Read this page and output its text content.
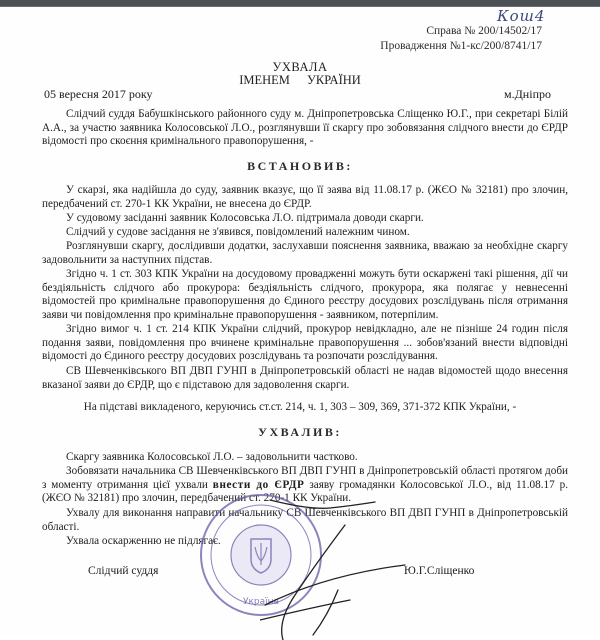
Кош4
Справа № 200/14502/17
Провадження №1-кс/200/8741/17
УХВАЛА
ІМЕНЕМ УКРАЇНИ
05 вересня 2017 року	м.Дніпро
Слідчий суддя Бабушкінського районного суду м. Дніпропетровська Сліщенко Ю.Г., при секретарі Білій А.А., за участю заявника Колосовської Л.О., розглянувши її скаргу про зобовязання слідчого внести до ЄРДР відомості про скоєння кримінального правопорушення, -
ВСТАНОВИВ:
У скарзі, яка надійшла до суду, заявник вказує, що її заява від 11.08.17 р. (ЖЄО № 32181) про злочин, передбачений ст. 270-1 КК України, не внесена до ЄРДР.
У судовому засіданні заявник Колосовська Л.О. підтримала доводи скарги.
Слідчий у судове засідання не з'явився, повідомлений належним чином.
Розглянувши скаргу, дослідивши додатки, заслухавши пояснення заявника, вважаю за необхідне скаргу задовольнити за наступних підстав.
Згідно ч. 1 ст. 303 КПК України на досудовому провадженні можуть бути оскаржені такі рішення, дії чи бездіяльність слідчого або прокурора: бездіяльність слідчого, прокурора, яка полягає у невнесенні відомостей про кримінальне правопорушення до Єдиного реєстру досудових розслідувань після отримання заяви чи повідомлення про кримінальне правопорушення - заявником, потерпілим.
Згідно вимог ч. 1 ст. 214 КПК України слідчий, прокурор невідкладно, але не пізніше 24 годин після подання заяви, повідомлення про вчинене кримінальне правопорушення ... зобов'язаний внести відповідні відомості до Єдиного реєстру досудових розслідувань та розпочати розслідування.
СВ Шевченківського ВП ДВП ГУНП в Дніпропетровській області не надав відомостей щодо внесення вказаної заяви до ЄРДР, що є підставою для задоволення скарги.
На підставі викладеного, керуючись ст.ст. 214, ч. 1, 303 – 309, 369, 371-372 КПК України, -
УХВАЛИВ:
Скаргу заявника Колосовської Л.О. – задовольнити частково.
Зобовязати начальника СВ Шевченківського ВП ДВП ГУНП в Дніпропетровській області протягом доби з моменту отримання цієї ухвали внести до ЄРДР заяву громадянки Колосовської Л.О., від 11.08.17 р. (ЖЄО № 32181) про злочин, передбачений ст. 270-1 КК України.
Ухвалу для виконання направити начальнику СВ Шевченківського ВП ДВП ГУНП в Дніпропетровській області.
Ухвала оскарженню не підлягає.
Слідчий суддя	Ю.Г.Сліщенко
Україна
